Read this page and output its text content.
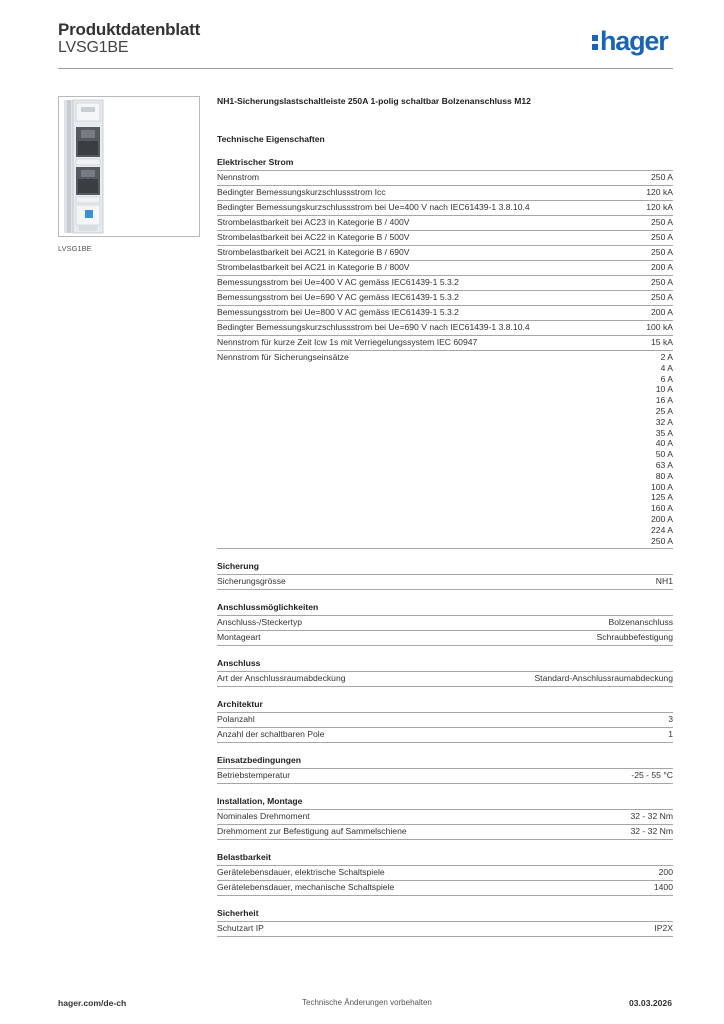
Produktdatenblatt
LVSG1BE	hager
LVSG1BE
NH1-Sicherungslastschaltleiste 250A 1-polig schaltbar Bolzenanschluss M12
Technische Eigenschaften
Elektrischer Strom
Nennstrom	250 A
Bedingter Bemessungskurzschlussstrom Icc	120 kA
Bedingter Bemessungskurzschlussstrom bei Ue=400 V nach IEC61439-1 3.8.10.4	120 kA
Strombelastbarkeit bei AC23 in Kategorie B / 400V	250 A
Strombelastbarkeit bei AC22 in Kategorie B / 500V	250 A
Strombelastbarkeit bei AC21 in Kategorie B / 690V	250 A
Strombelastbarkeit bei AC21 in Kategorie B / 800V	200 A
Bemessungsstrom bei Ue=400 V AC gemäss IEC61439-1 5.3.2	250 A
Bemessungsstrom bei Ue=690 V AC gemäss IEC61439-1 5.3.2	250 A
Bemessungsstrom bei Ue=800 V AC gemäss IEC61439-1 5.3.2	200 A
Bedingter Bemessungskurzschlussstrom bei Ue=690 V nach IEC61439-1 3.8.10.4	100 kA
Nennstrom für kurze Zeit Icw 1s mit Verriegelungssystem IEC 60947	15 kA
Nennstrom für Sicherungseinsätze	2 A
4 A
6 A
10 A
16 A
25 A
32 A
35 A
40 A
50 A
63 A
80 A
100 A
125 A
160 A
200 A
224 A
250 A
Sicherung
Sicherungsgrösse	NH1
Anschlussmöglichkeiten
Anschluss-/Steckertyp	Bolzenanschluss
Montageart	Schraubbefestigung
Anschluss
Art der Anschlussraumabdeckung	Standard-Anschlussraumabdeckung
Architektur
Polanzahl	3
Anzahl der schaltbaren Pole	1
Einsatzbedingungen
Betriebstemperatur	-25 - 55 °C
Installation, Montage
Nominales Drehmoment	32 - 32 Nm
Drehmoment zur Befestigung auf Sammelschiene	32 - 32 Nm
Belastbarkeit
Gerätelebensdauer, elektrische Schaltspiele	200
Gerätelebensdauer, mechanische Schaltspiele	1400
Sicherheit
Schutzart IP	IP2X
hager.com/de-ch	Technische Änderungen vorbehalten	03.03.2026
